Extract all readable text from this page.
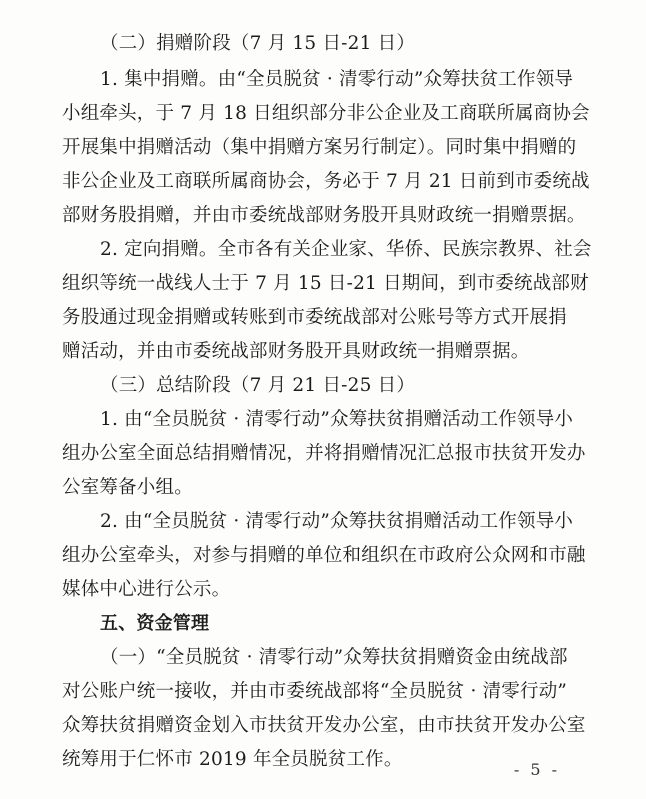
（二）捐赠阶段（7 月 15 日-21 日）
1. 集中捐赠。由“全员脱贫 · 清零行动”众筹扶贫工作领导
小组牵头，于 7 月 18 日组织部分非公企业及工商联所属商协会
开展集中捐赠活动（集中捐赠方案另行制定）。同时集中捐赠的
非公企业及工商联所属商协会，务必于 7 月 21 日前到市委统战
部财务股捐赠，并由市委统战部财务股开具财政统一捐赠票据。
2. 定向捐赠。全市各有关企业家、华侨、民族宗教界、社会
组织等统一战线人士于 7 月 15 日-21 日期间，到市委统战部财
务股通过现金捐赠或转账到市委统战部对公账号等方式开展捐
赠活动，并由市委统战部财务股开具财政统一捐赠票据。
（三）总结阶段（7 月 21 日-25 日）
1. 由“全员脱贫 · 清零行动”众筹扶贫捐赠活动工作领导小
组办公室全面总结捐赠情况，并将捐赠情况汇总报市扶贫开发办
公室筹备小组。
2. 由“全员脱贫 · 清零行动”众筹扶贫捐赠活动工作领导小
组办公室牵头，对参与捐赠的单位和组织在市政府公众网和市融
媒体中心进行公示。
五、资金管理
（一）“全员脱贫 · 清零行动”众筹扶贫捐赠资金由统战部
对公账户统一接收，并由市委统战部将“全员脱贫 · 清零行动”
众筹扶贫捐赠资金划入市扶贫开发办公室，由市扶贫开发办公室
统筹用于仁怀市 2019 年全员脱贫工作。	- 5 -
